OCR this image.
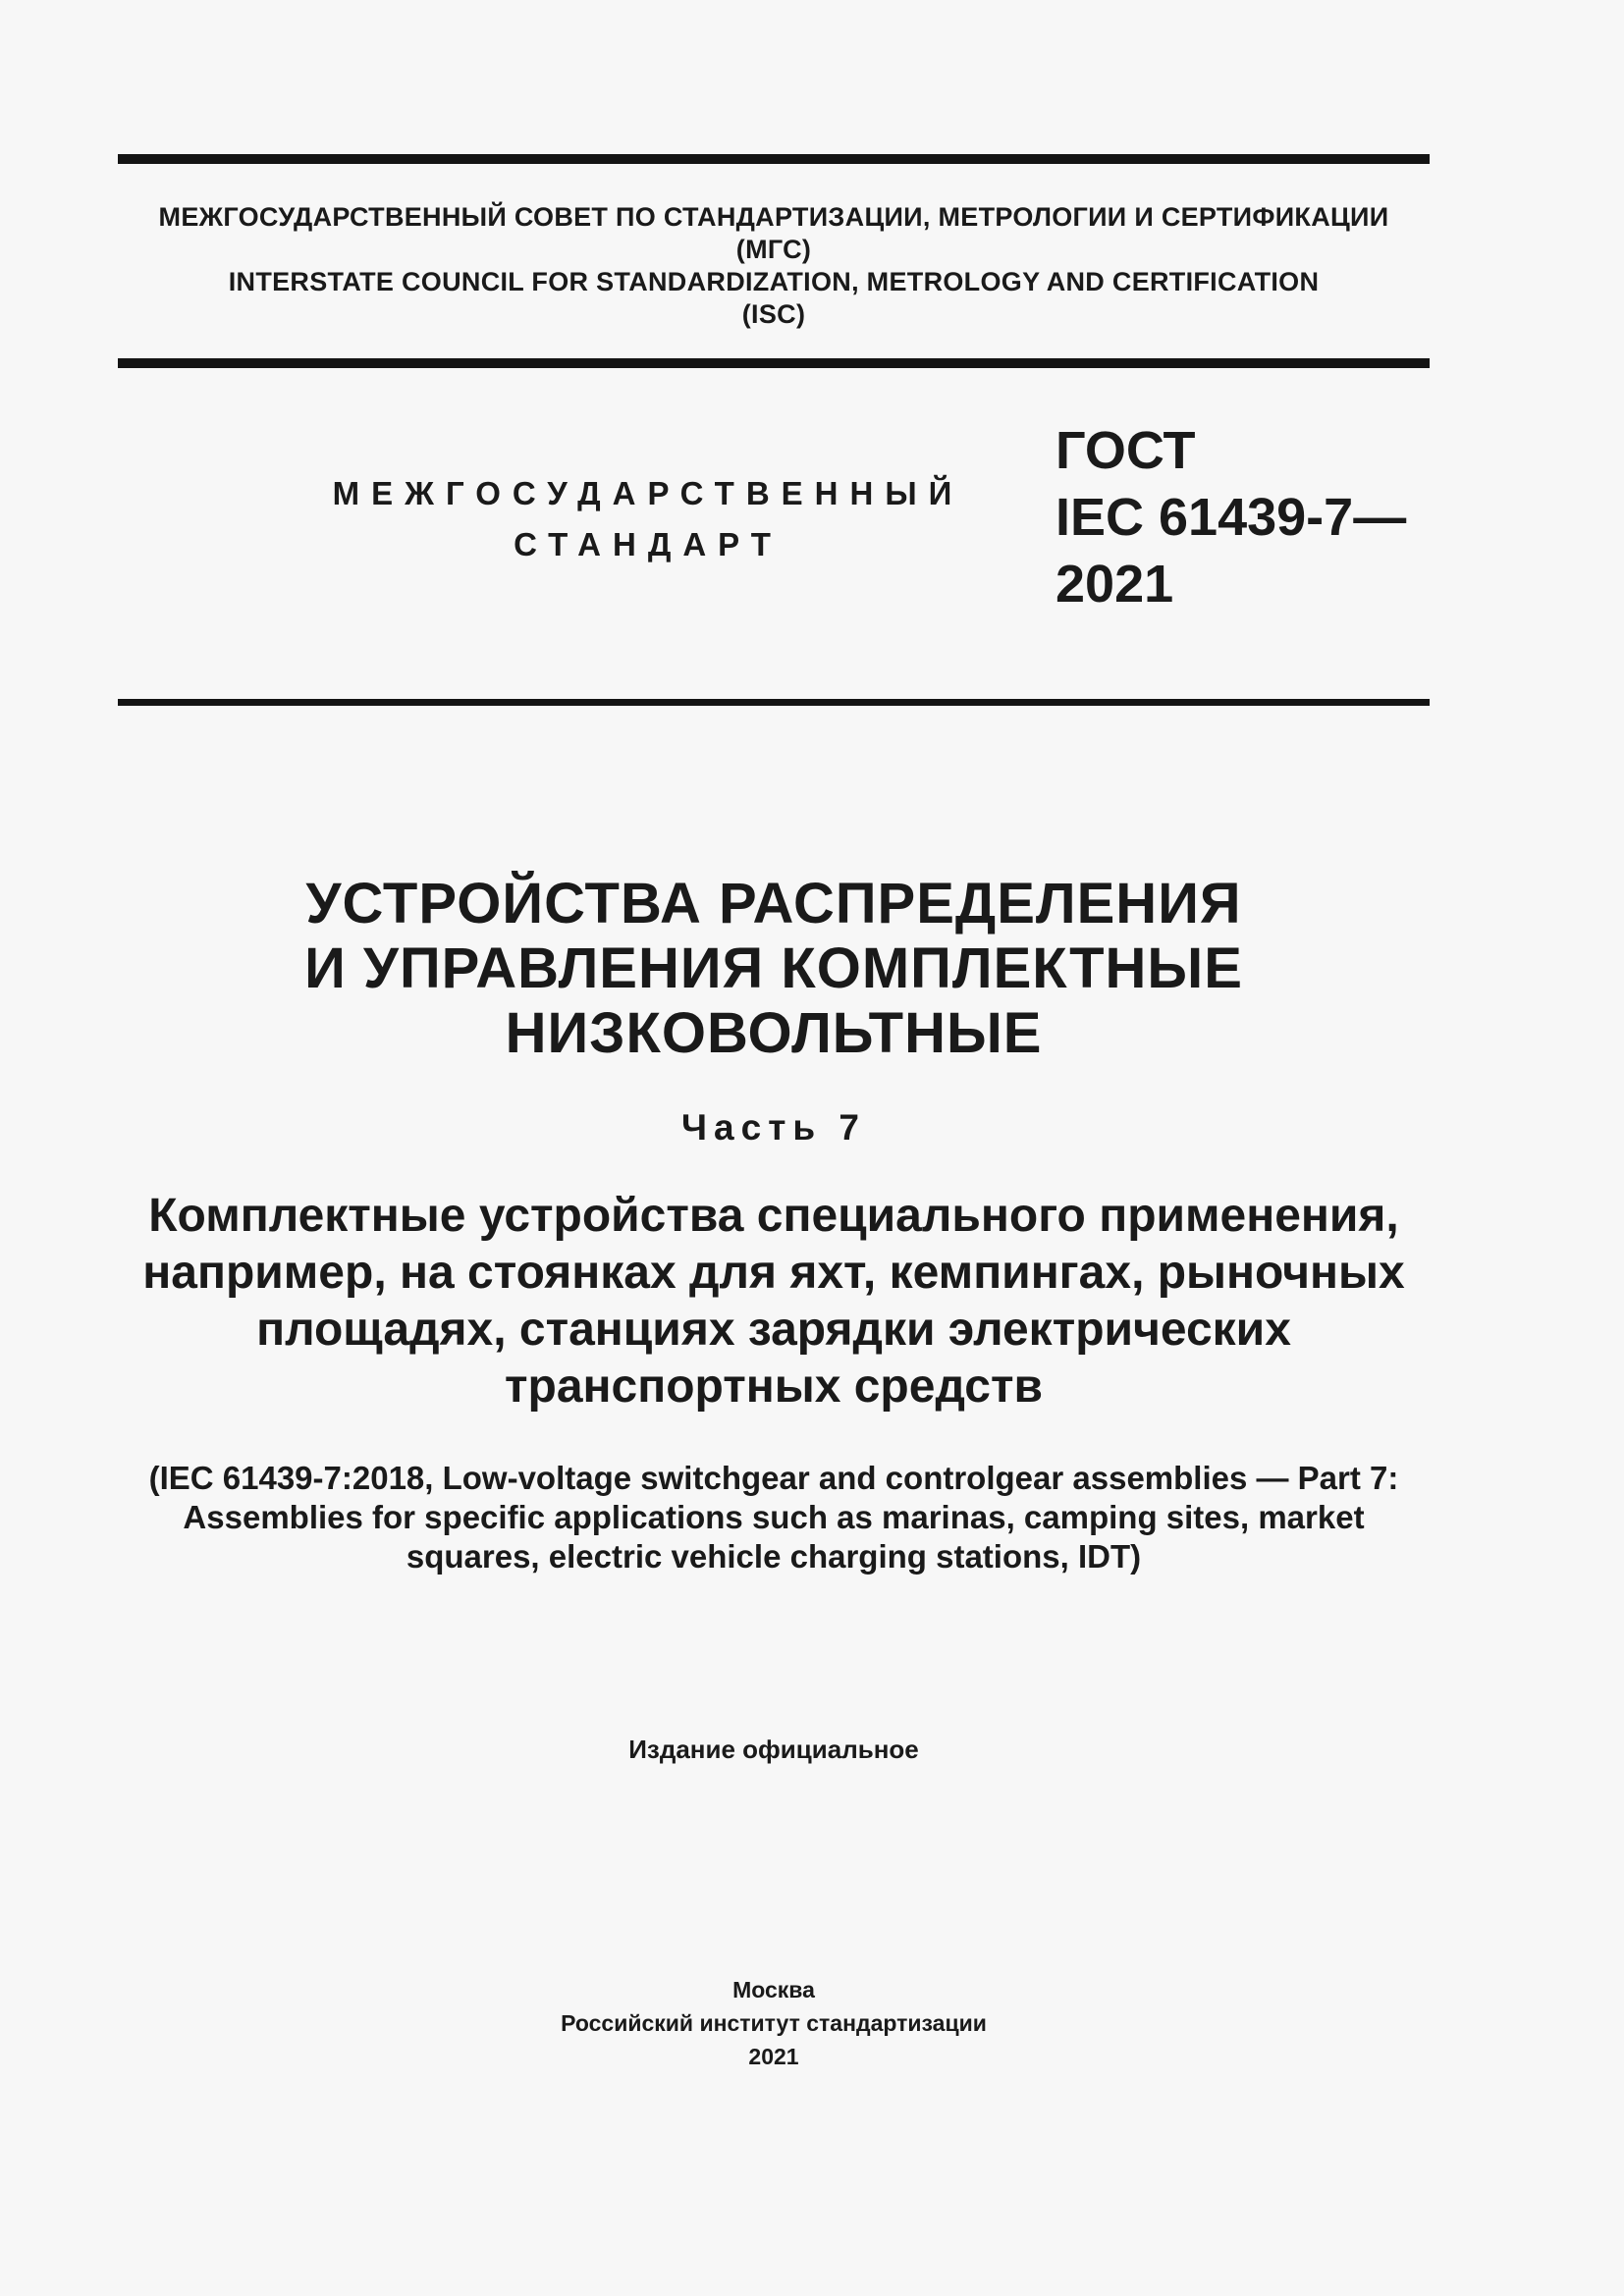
МЕЖГОСУДАРСТВЕННЫЙ СОВЕТ ПО СТАНДАРТИЗАЦИИ, МЕТРОЛОГИИ И СЕРТИФИКАЦИИ
(МГС)
INTERSTATE COUNCIL FOR STANDARDIZATION, METROLOGY AND CERTIFICATION
(ISC)
МЕЖГОСУДАРСТВЕННЫЙ
СТАНДАРТ
ГОСТ
IEC 61439-7—
2021
УСТРОЙСТВА РАСПРЕДЕЛЕНИЯ
И УПРАВЛЕНИЯ КОМПЛЕКТНЫЕ
НИЗКОВОЛЬТНЫЕ
Часть 7
Комплектные устройства специального применения,
например, на стоянках для яхт, кемпингах, рыночных
площадях, станциях зарядки электрических
транспортных средств
(IEC 61439-7:2018, Low-voltage switchgear and controlgear assemblies — Part 7:
Assemblies for specific applications such as marinas, camping sites, market
squares, electric vehicle charging stations, IDT)
Издание официальное
Москва
Российский институт стандартизации
2021
